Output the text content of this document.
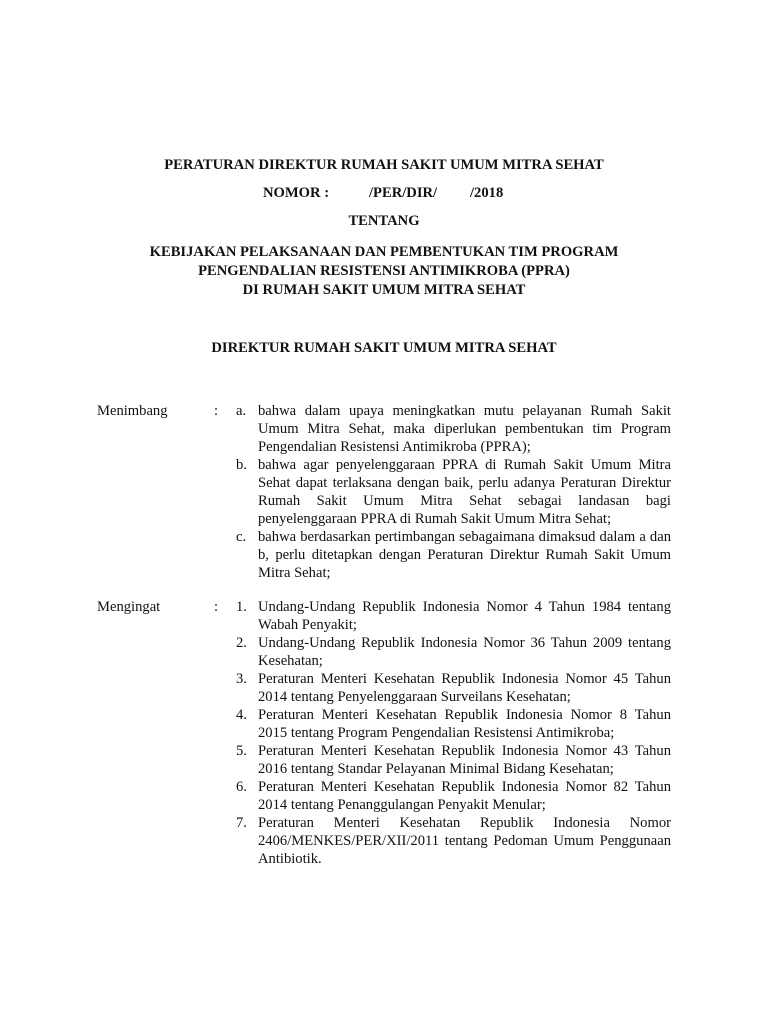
PERATURAN DIREKTUR RUMAH SAKIT UMUM MITRA SEHAT
NOMOR :	/PER/DIR/ /2018
TENTANG
KEBIJAKAN PELAKSANAAN DAN PEMBENTUKAN TIM PROGRAM
PENGENDALIAN RESISTENSI ANTIMIKROBA (PPRA)
DI RUMAH SAKIT UMUM MITRA SEHAT
DIREKTUR RUMAH SAKIT UMUM MITRA SEHAT
Menimbang	: a. bahwa dalam upaya meningkatkan mutu pelayanan Rumah Sakit Umum Mitra Sehat, maka diperlukan pembentukan tim Program Pengendalian Resistensi Antimikroba (PPRA);
b. bahwa agar penyelenggaraan PPRA di Rumah Sakit Umum Mitra Sehat dapat terlaksana dengan baik, perlu adanya Peraturan Direktur Rumah Sakit Umum Mitra Sehat sebagai landasan bagi penyelenggaraan PPRA di Rumah Sakit Umum Mitra Sehat;
c. bahwa berdasarkan pertimbangan sebagaimana dimaksud dalam a dan b, perlu ditetapkan dengan Peraturan Direktur Rumah Sakit Umum Mitra Sehat;
Mengingat	: 1. Undang-Undang Republik Indonesia Nomor 4 Tahun 1984 tentang Wabah Penyakit;
2. Undang-Undang Republik Indonesia Nomor 36 Tahun 2009 tentang Kesehatan;
3. Peraturan Menteri Kesehatan Republik Indonesia Nomor 45 Tahun 2014 tentang Penyelenggaraan Surveilans Kesehatan;
4. Peraturan Menteri Kesehatan Republik Indonesia Nomor 8 Tahun 2015 tentang Program Pengendalian Resistensi Antimikroba;
5. Peraturan Menteri Kesehatan Republik Indonesia Nomor 43 Tahun 2016 tentang Standar Pelayanan Minimal Bidang Kesehatan;
6. Peraturan Menteri Kesehatan Republik Indonesia Nomor 82 Tahun 2014 tentang Penanggulangan Penyakit Menular;
7. Peraturan Menteri Kesehatan Republik Indonesia Nomor 2406/MENKES/PER/XII/2011 tentang Pedoman Umum Penggunaan Antibiotik.
